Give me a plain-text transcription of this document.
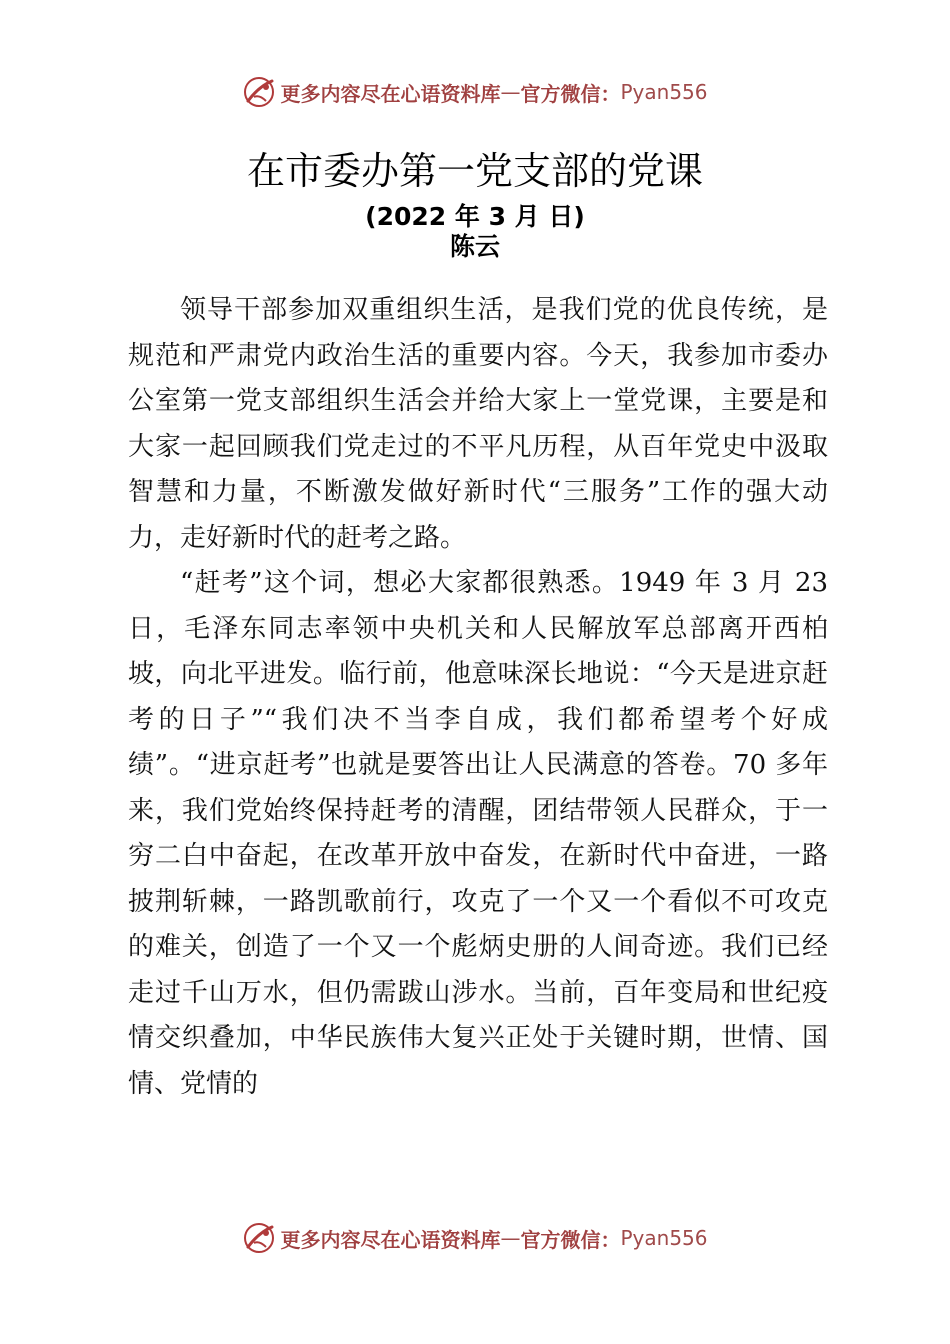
更多内容尽在心语资料库 — 官方微信： Pyan556
在市委办第一党支部的党课
(2022 年 3 月 日)
陈云

领导干部参加双重组织生活，是我们党的优良传统，是规范和严肃党内政治生活的重要内容。今天，我参加市委办公室第一党支部组织生活会并给大家上一堂党课，主要是和大家一起回顾我们党走过的不平凡历程，从百年党史中汲取智慧和力量，不断激发做好新时代“三服务”工作的强大动力，走好新时代的赶考之路。

“赶考”这个词，想必大家都很熟悉。1949 年 3 月 23 日，毛泽东同志率领中央机关和人民解放军总部离开西柏坡，向北平进发。临行前，他意味深长地说：“今天是进京赶考的日子”“我们决不当李自成，我们都希望考个好成绩”。“进京赶考”也就是要答出让人民满意的答卷。70 多年来，我们党始终保持赶考的清醒，团结带领人民群众，于一穷二白中奋起，在改革开放中奋发，在新时代中奋进，一路披荆斩棘，一路凯歌前行，攻克了一个又一个看似不可攻克的难关，创造了一个又一个彪炳史册的人间奇迹。我们已经走过千山万水，但仍需跋山涉水。当前，百年变局和世纪疫情交织叠加，中华民族伟大复兴正处于关键时期，世情、国情、党情的

更多内容尽在心语资料库 — 官方微信： Pyan556
